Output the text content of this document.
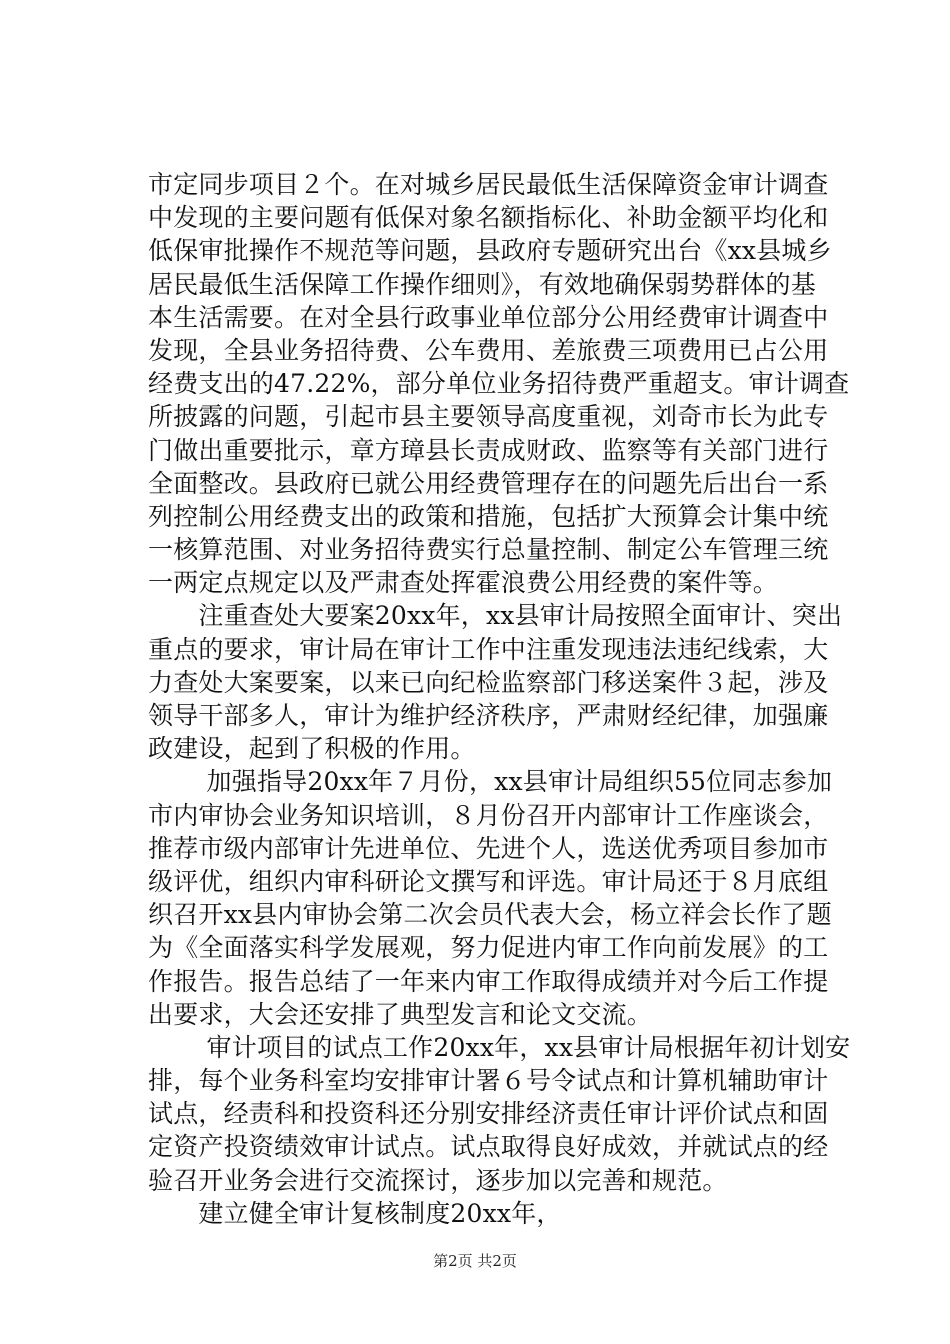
市定同步项目２个。在对城乡居民最低生活保障资金审计调查
中发现的主要问题有低保对象名额指标化、补助金额平均化和
低保审批操作不规范等问题，县政府专题研究出台《xx县城乡
居民最低生活保障工作操作细则》，有效地确保弱势群体的基
本生活需要。在对全县行政事业单位部分公用经费审计调查中
发现，全县业务招待费、公车费用、差旅费三项费用已占公用
经费支出的47.22%，部分单位业务招待费严重超支。审计调查
所披露的问题，引起市县主要领导高度重视，刘奇市长为此专
门做出重要批示，章方璋县长责成财政、监察等有关部门进行
全面整改。县政府已就公用经费管理存在的问题先后出台一系
列控制公用经费支出的政策和措施，包括扩大预算会计集中统
一核算范围、对业务招待费实行总量控制、制定公车管理三统
一两定点规定以及严肃查处挥霍浪费公用经费的案件等。
　　注重查处大要案20xx年，xx县审计局按照全面审计、突出
重点的要求，审计局在审计工作中注重发现违法违纪线索，大
力查处大案要案，以来已向纪检监察部门移送案件３起，涉及
领导干部多人，审计为维护经济秩序，严肃财经纪律，加强廉
政建设，起到了积极的作用。
　　 加强指导20xx年７月份，xx县审计局组织55位同志参加
市内审协会业务知识培训，８月份召开内部审计工作座谈会，
推荐市级内部审计先进单位、先进个人，选送优秀项目参加市
级评优，组织内审科研论文撰写和评选。审计局还于８月底组
织召开xx县内审协会第二次会员代表大会，杨立祥会长作了题
为《全面落实科学发展观，努力促进内审工作向前发展》的工
作报告。报告总结了一年来内审工作取得成绩并对今后工作提
出要求，大会还安排了典型发言和论文交流。
　　 审计项目的试点工作20xx年，xx县审计局根据年初计划安
排，每个业务科室均安排审计署６号令试点和计算机辅助审计
试点，经责科和投资科还分别安排经济责任审计评价试点和固
定资产投资绩效审计试点。试点取得良好成效，并就试点的经
验召开业务会进行交流探讨，逐步加以完善和规范。
　　建立健全审计复核制度20xx年，
第2页 共2页
